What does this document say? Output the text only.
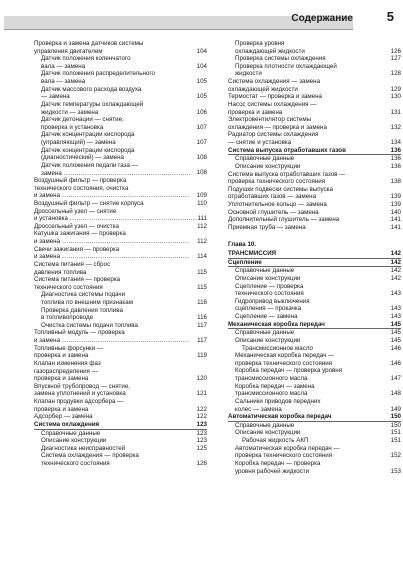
Содержание	5
Проверка и замена датчиков системы
управления двигателем	104
Датчик положения коленчатого
вала — замена	104
Датчик положения распределительного
вала — замена	105
Датчик массового расхода воздуха
— замена	105
Датчик температуры охлаждающей
жидкости — замена	106
Датчик детонации — снятие,
проверка и установка	107
Датчик концентрации кислорода
(управляющий) — замена	107
Датчик концентрации кислорода
(диагностический) — замена	108
Датчик положения педали газа —
замена ............................................................ 108
Воздушный фильтр — проверка
технического состояния, очистка
и замена ............................................................	109
Воздушный фильтр — снятие корпуса	110
Дроссельный узел — снятие
и установка ............................................................ 111
Дроссельный узел — очистка	112
Катушка зажигания — проверка
и замена ............................................................	112
Свечи зажигания — проверка
и замена ............................................................	114
Система питания — сброс
давления топлива	115
Система питания — проверка
технического состояния	115
Диагностика системы подачи
топлива по внешним признакам	116
Проверка давления топлива
в топливопроводе	116
Очистка системы подачи топлива	117
Топливный модуль — проверка
и замена ............................................................	117
Топливные форсунки —
проверка и замена	119
Клапан изменения фаз
газораспределения —
проверка и замена	120
Впускной трубопровод — снятие,
замена уплотнений и установка	121
Клапан продувки адсорбера —
проверка и замена	122
Адсорбер — замена	122
Система охлаждения	123
Справочные данные	123
Описание конструкции	123
Диагностика неисправностей	125
Система охлаждения — проверка
технического состояния	126
Проверка уровня
охлаждающей жидкости	126
Проверка системы охлаждения	127
Проверка плотности охлаждающей
жидкости	128
Система охлаждения — замена
охлаждающей жидкости	129
Термостат — проверка и замена	130
Насос системы охлаждения —
проверка и замена	131
Электровентилятор системы
охлаждения — проверка и замена	132
Радиатор системы охлаждения
— снятие и установка	134
Система выпуска отработавших газов	136
Справочные данные	136
Описание конструкции	136
Система выпуска отработавших газов —
проверка технического состояния	138
Подушки подвески системы выпуска
отработавших газов — замена	139
Уплотнительное кольцо — замена	139
Основной глушитель — замена	140
Дополнительный глушитель — замена	141
Приемная труба — замена	141
Глава 10.
ТРАНСМИССИЯ	142
Сцепление	142
Справочные данные	142
Описание конструкции	142
Сцепление — проверка
технического состояния	143
Гидропривод выключения
сцепления — прокачка	143
Сцепление — замена	143
Механическая коробка передач	145
Справочные данные	145
Описание конструкции	145
Трансмиссионное масло	146
Механическая коробка передач —
проверка технического состояния	146
Коробка передач — проверка уровня
трансмиссионного масла	147
Коробка передач — замена
трансмиссионного масла	148
Сальники приводов передних
колес — замена	149
Автоматическая коробка передач	150
Справочные данные	150
Описание конструкции	151
Рабочая жидкость АКП	151
Автоматическая коробка передач —
проверка технического состояния	152
Коробка передач — проверка
уровня рабочей жидкости	153
